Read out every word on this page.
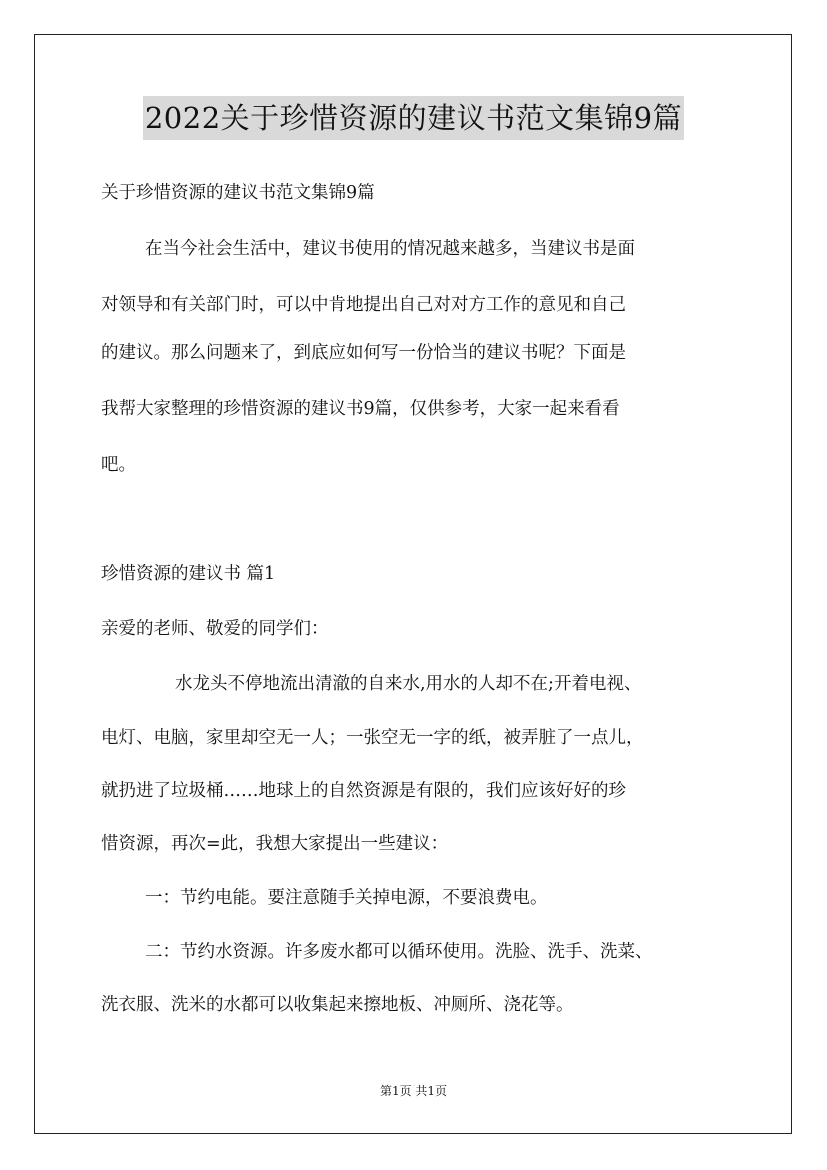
2022关于珍惜资源的建议书范文集锦9篇
关于珍惜资源的建议书范文集锦9篇
在当今社会生活中，建议书使用的情况越来越多，当建议书是面
对领导和有关部门时，可以中肯地提出自己对对方工作的意见和自己
的建议。那么问题来了，到底应如何写一份恰当的建议书呢？下面是
我帮大家整理的珍惜资源的建议书9篇，仅供参考，大家一起来看看
吧。
珍惜资源的建议书 篇1
亲爱的老师、敬爱的同学们：
水龙头不停地流出清澈的自来水,用水的人却不在;开着电视、
电灯、电脑，家里却空无一人；一张空无一字的纸，被弄脏了一点儿，
就扔进了垃圾桶……地球上的自然资源是有限的，我们应该好好的珍
惜资源，再次=此，我想大家提出一些建议：
一：节约电能。要注意随手关掉电源，不要浪费电。
二：节约水资源。许多废水都可以循环使用。洗脸、洗手、洗菜、
洗衣服、洗米的水都可以收集起来擦地板、冲厕所、浇花等。
第1页 共1页
